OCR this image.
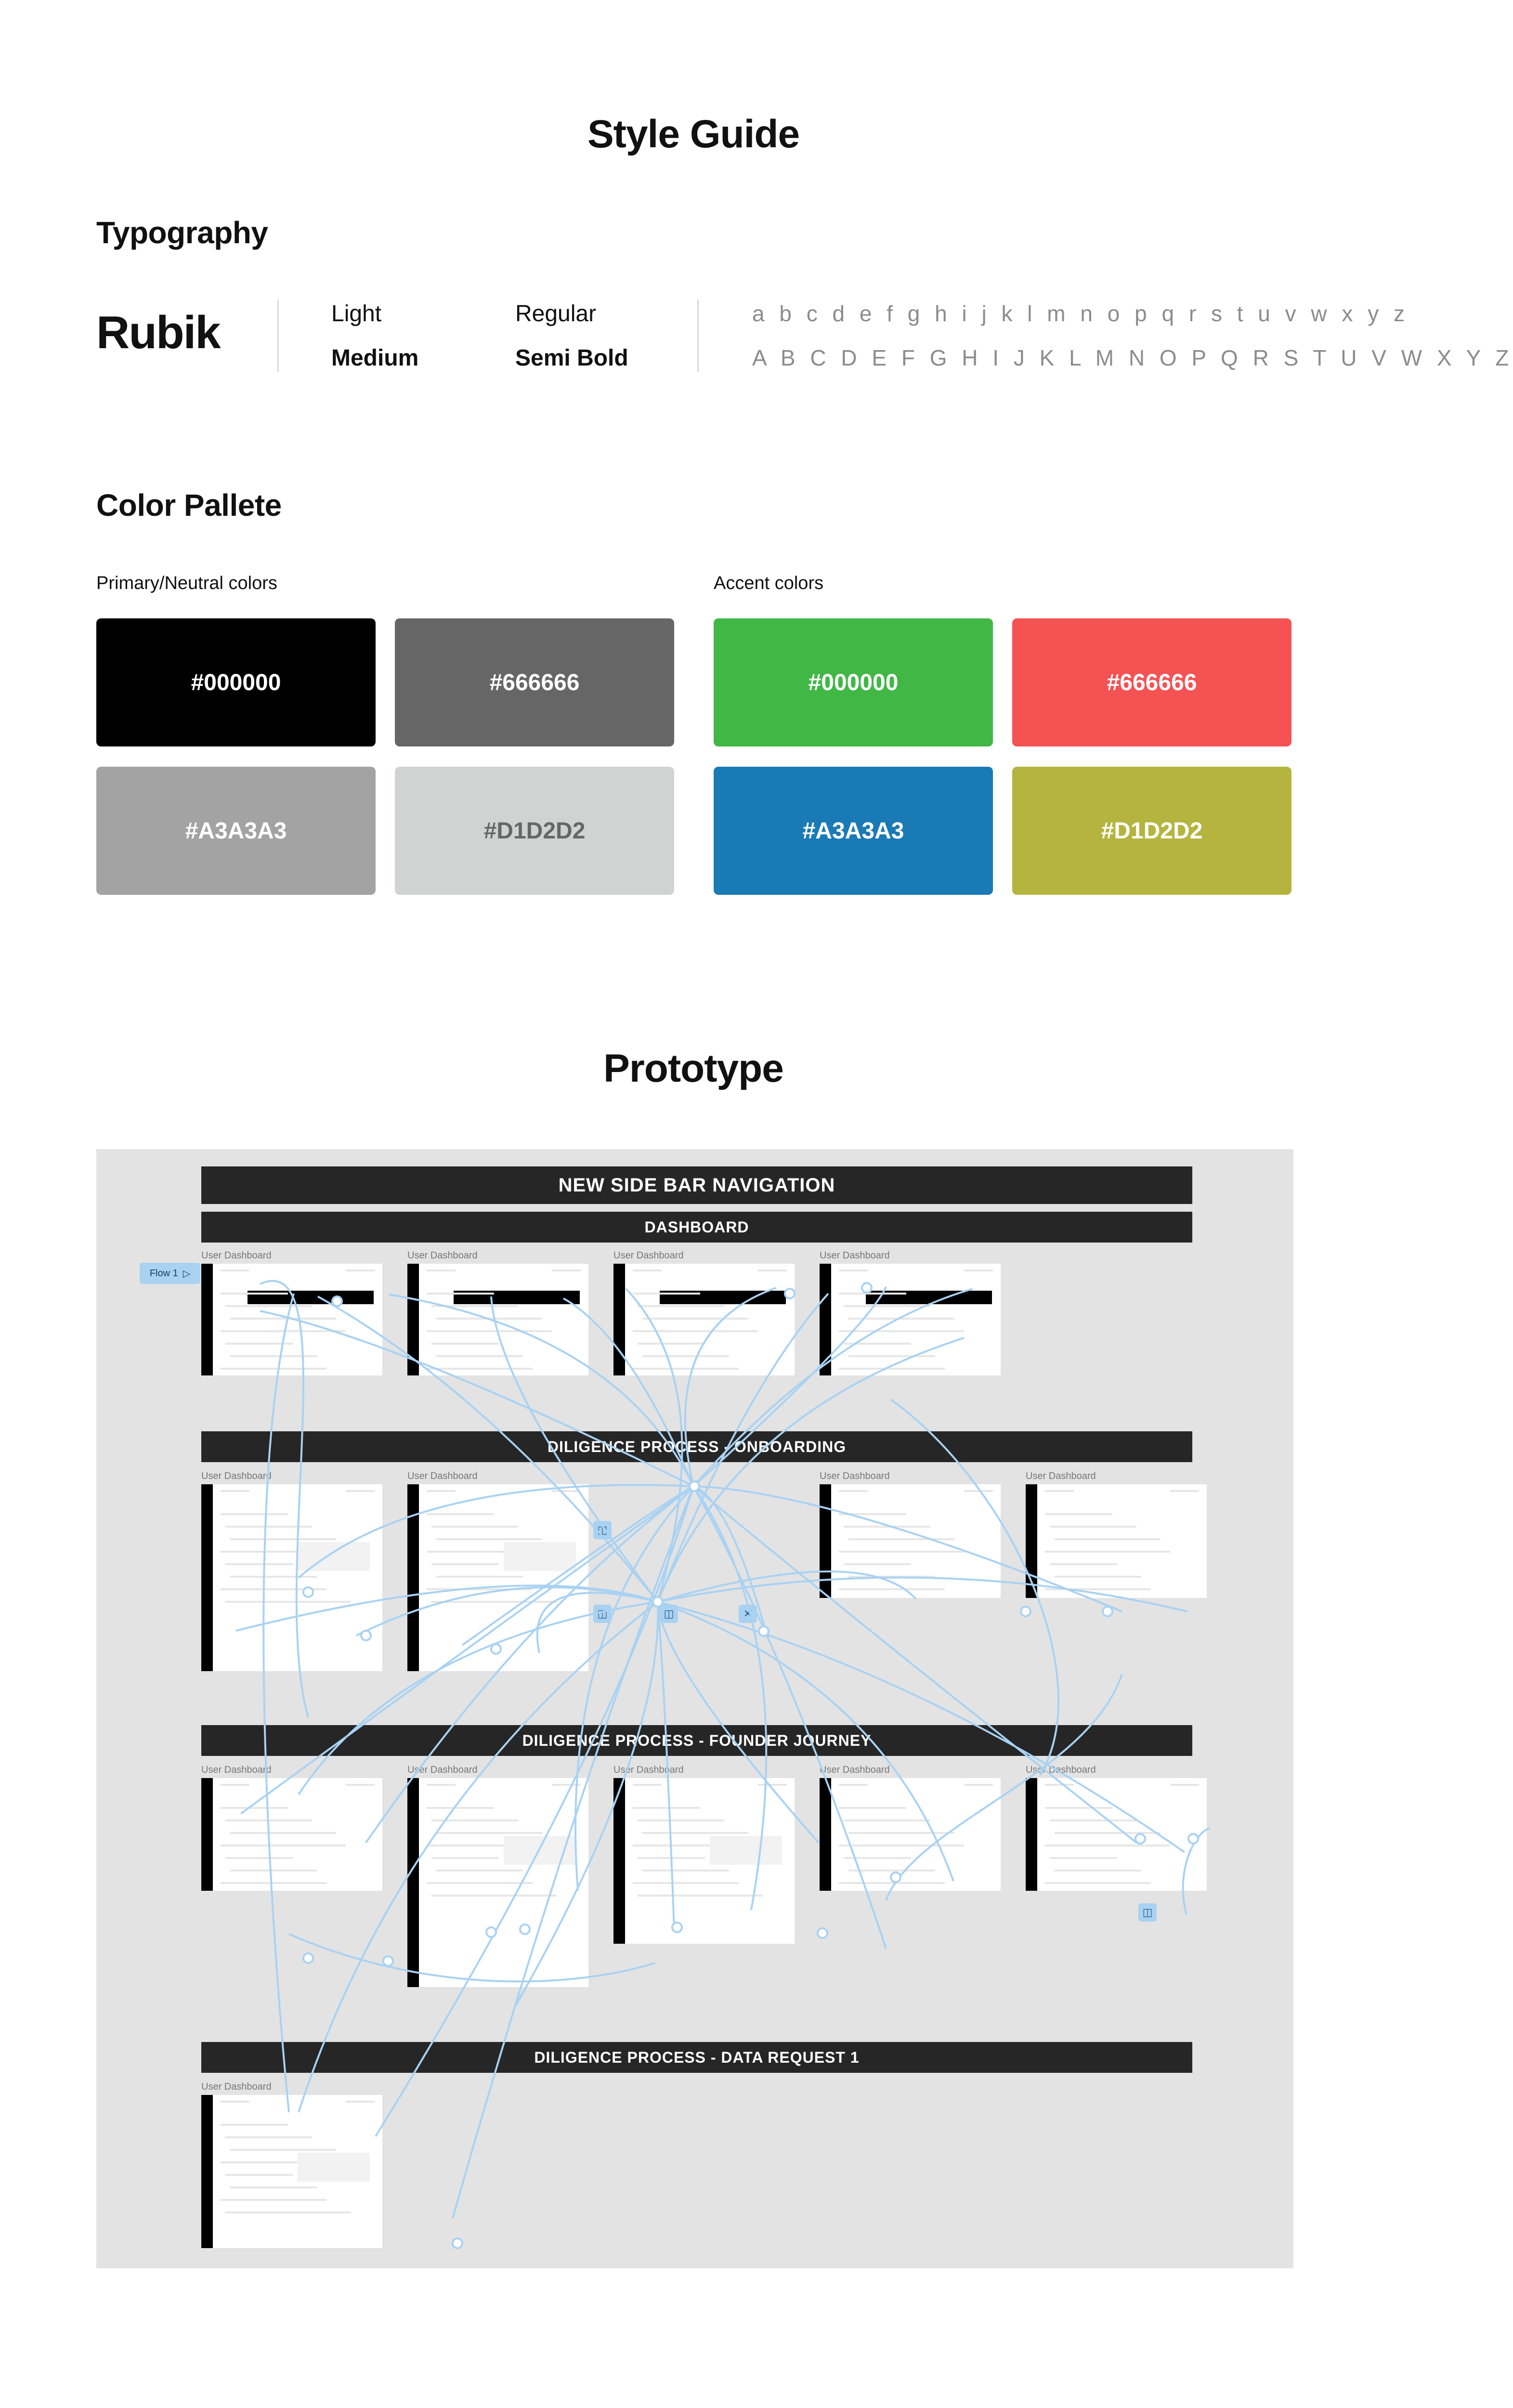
Style Guide
Typography
Rubik	Light	Regular
Medium	Semi Bold
a b c d e f g h i j k l m n o p q r s t u v w x y z
A B C D E F G H I J K L M N O P Q R S T U V W X Y Z
Color Pallete
Primary/Neutral colors	Accent colors
#000000	#666666
#A3A3A3	#D1D2D2
#000000	#666666
#A3A3A3	#D1D2D2
Prototype
NEW SIDE BAR NAVIGATION
DASHBOARD
DILIGENCE PROCESS - ONBOARDING
DILIGENCE PROCESS - FOUNDER JOURNEY
DILIGENCE PROCESS - DATA REQUEST 1
Flow 1 ▷
User Dashboard	User Dashboard	User Dashboard	User Dashboard
User Dashboard	User Dashboard	User Dashboard	User Dashboard
User Dashboard	User Dashboard	User Dashboard	User Dashboard	User Dashboard
User Dashboard
◫
◫	◫	✕
◫
